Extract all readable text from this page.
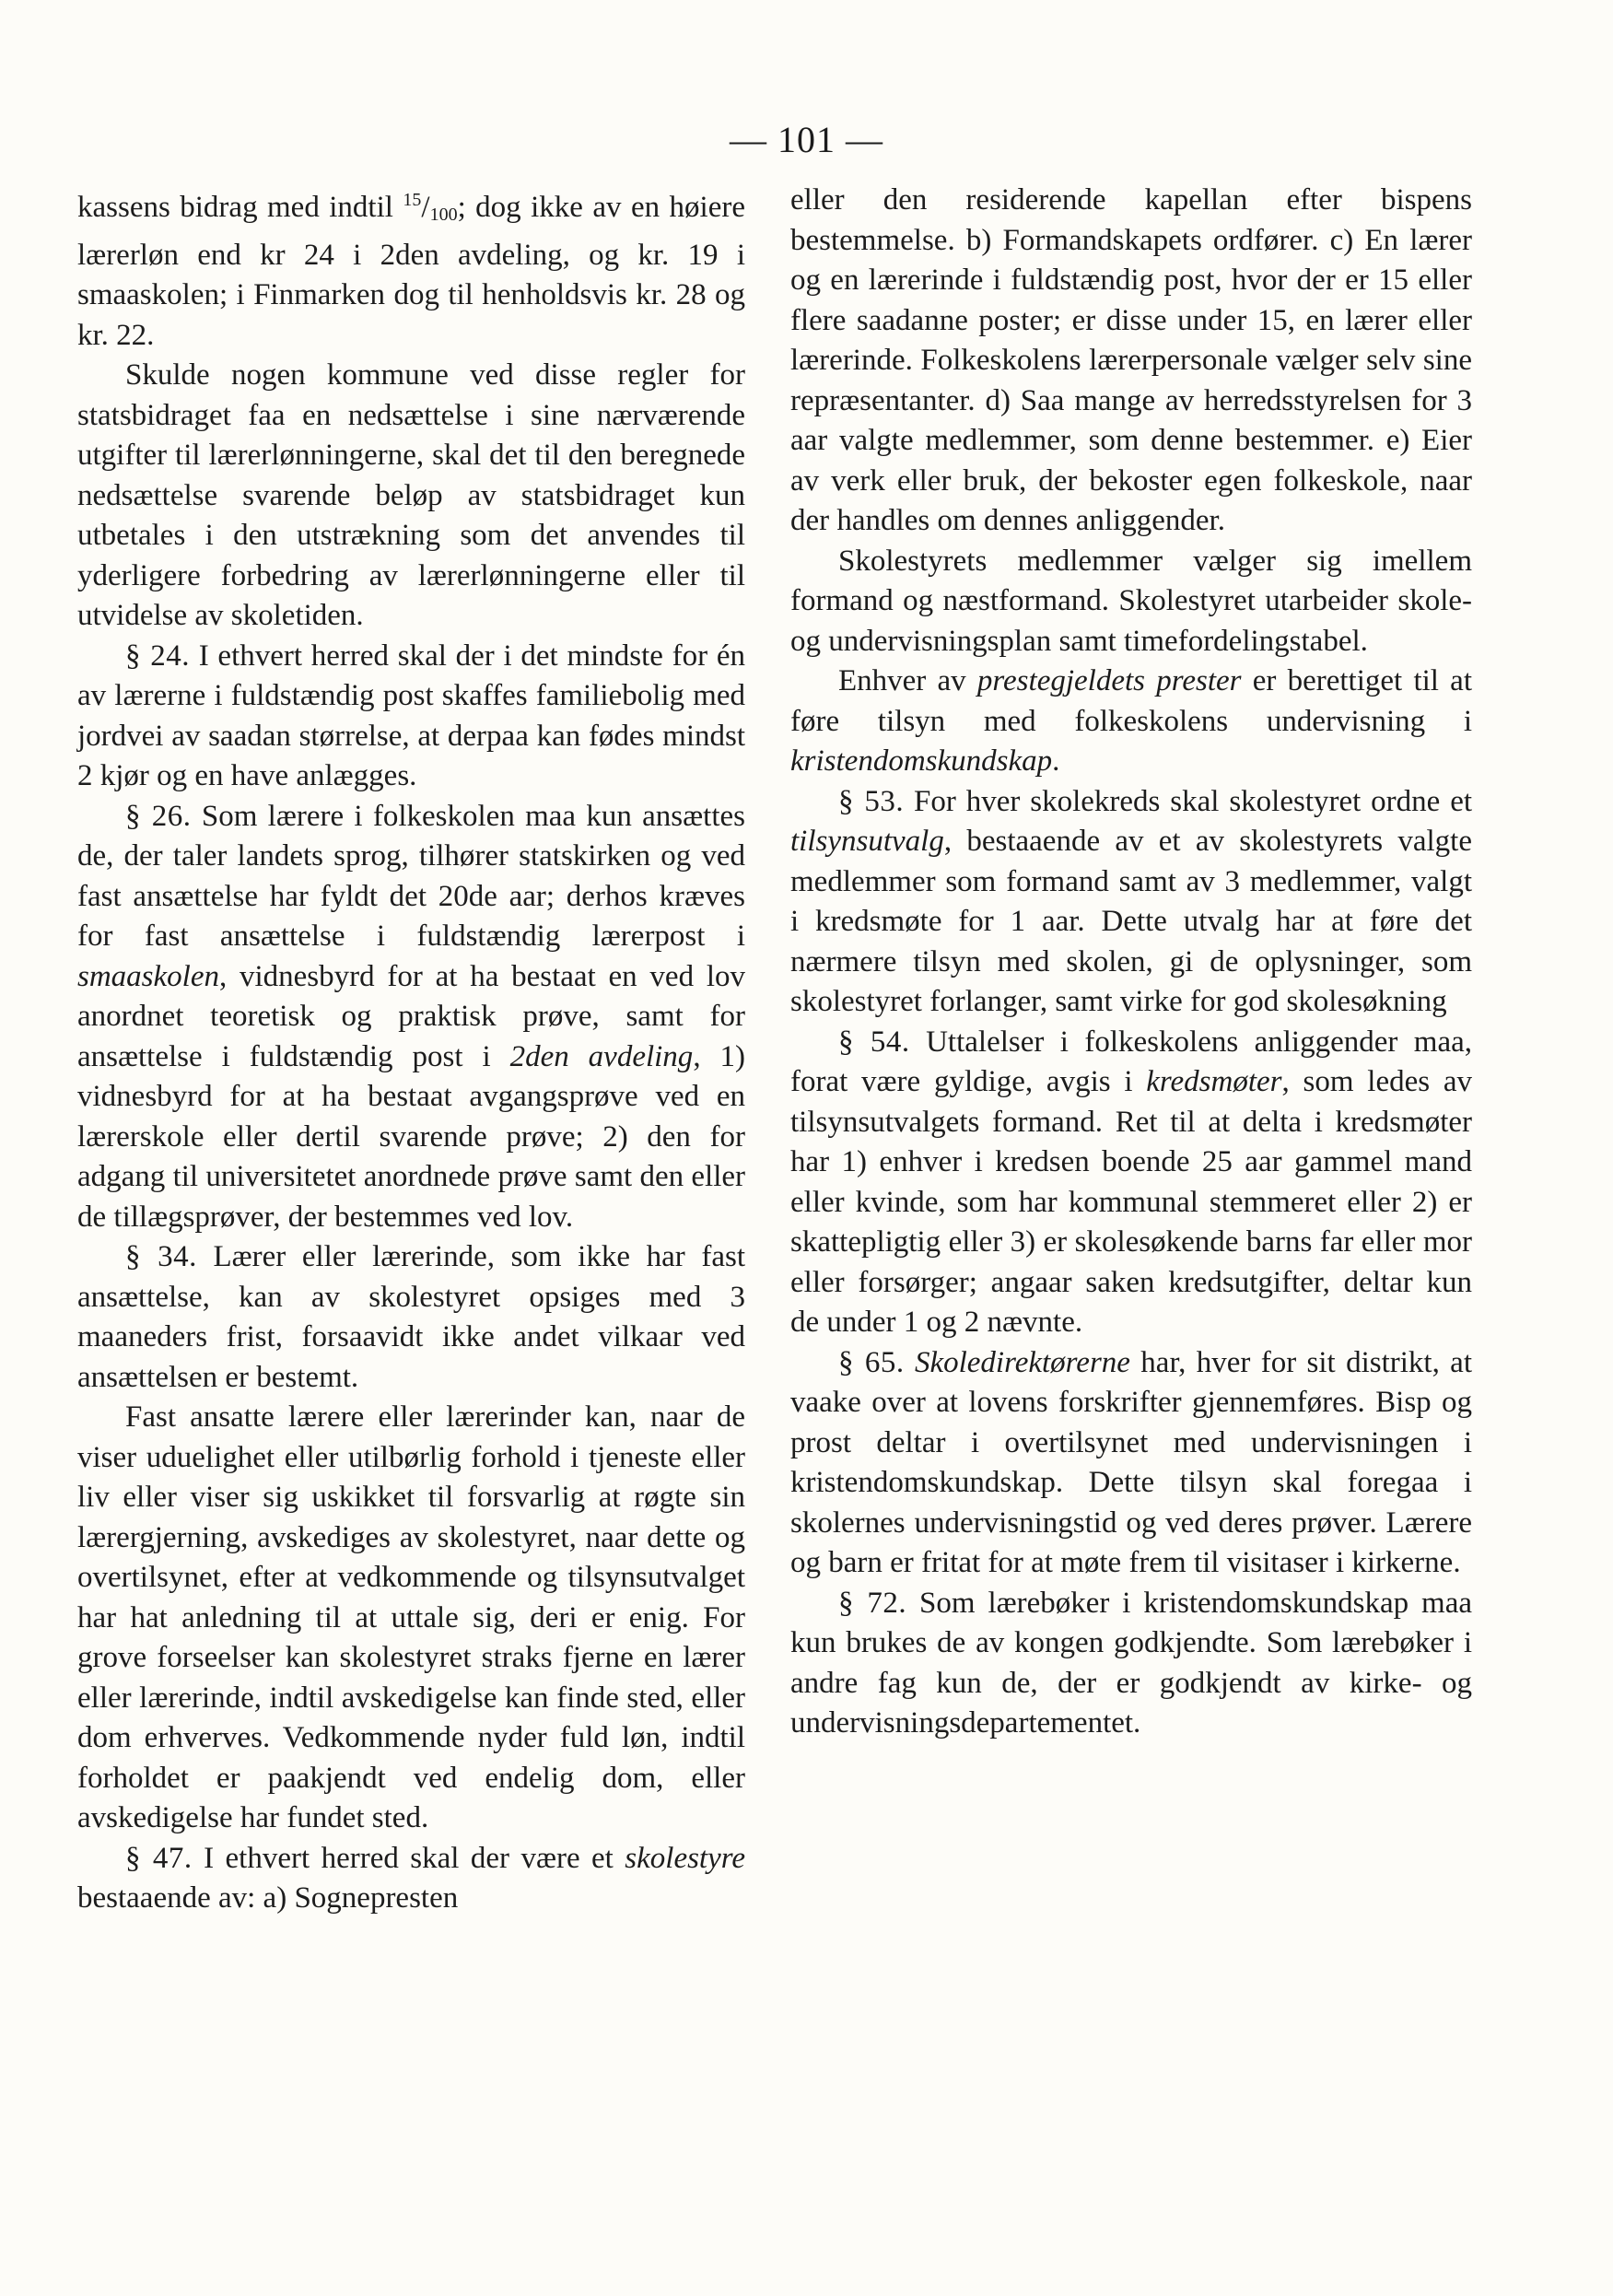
— 101 —

kassens bidrag med indtil $^{15}/_{100}$; dog ikke av en høiere lærerløn end kr 24 i 2den avdeling, og kr. 19 i smaaskolen; i Finmarken dog til henholdsvis kr. 28 og kr. 22.

Skulde nogen kommune ved disse regler for statsbidraget faa en nedsættelse i sine nærværende utgifter til lærerlønningerne, skal det til den beregnede nedsættelse svarende beløp av statsbidraget kun utbetales i den utstrækning som det anvendes til yderligere forbedring av lærerlønningerne eller til utvidelse av skoletiden.

§ 24. I ethvert herred skal der i det mindste for én av lærerne i fuldstændig post skaffes familiebolig med jordvei av saadan størrelse, at derpaa kan fødes mindst 2 kjør og en have anlægges.

§ 26. Som lærere i folkeskolen maa kun ansættes de, der taler landets sprog, tilhører statskirken og ved fast ansættelse har fyldt det 20de aar; derhos kræves for fast ansættelse i fuldstændig lærerpost i smaaskolen, vidnesbyrd for at ha bestaat en ved lov anordnet teoretisk og praktisk prøve, samt for ansættelse i fuldstændig post i 2den avdeling, 1) vidnesbyrd for at ha bestaat avgangsprøve ved en lærerskole eller dertil svarende prøve; 2) den for adgang til universitetet anordnede prøve samt den eller de tillægsprøver, der bestemmes ved lov.

§ 34. Lærer eller lærerinde, som ikke har fast ansættelse, kan av skolestyret opsiges med 3 maaneders frist, forsaavidt ikke andet vilkaar ved ansættelsen er bestemt.

Fast ansatte lærere eller lærerinder kan, naar de viser uduelighet eller utilbørlig forhold i tjeneste eller liv eller viser sig uskikket til forsvarlig at røgte sin lærergjerning, avskediges av skolestyret, naar dette og overtilsynet, efter at vedkommende og tilsynsutvalget har hat anledning til at uttale sig, deri er enig. For grove forseelser kan skolestyret straks fjerne en lærer eller lærerinde, indtil avskedigelse kan finde sted, eller dom erhverves. Vedkommende nyder fuld løn, indtil forholdet er paakjendt ved endelig dom, eller avskedigelse har fundet sted.

§ 47. I ethvert herred skal der være et skolestyre bestaaende av: a) Sognepresten

eller den residerende kapellan efter bispens bestemmelse. b) Formandskapets ordfører. c) En lærer og en lærerinde i fuldstændig post, hvor der er 15 eller flere saadanne poster; er disse under 15, en lærer eller lærerinde. Folkeskolens lærerpersonale vælger selv sine repræsentanter. d) Saa mange av herredsstyrelsen for 3 aar valgte medlemmer, som denne bestemmer. e) Eier av verk eller bruk, der bekoster egen folkeskole, naar der handles om dennes anliggender.

Skolestyrets medlemmer vælger sig imellem formand og næstformand. Skolestyret utarbeider skole- og undervisningsplan samt timefordelingstabel.

Enhver av prestegjeldets prester er berettiget til at føre tilsyn med folkeskolens undervisning i kristendomskundskap.

§ 53. For hver skolekreds skal skolestyret ordne et tilsynsutvalg, bestaaende av et av skolestyrets valgte medlemmer som formand samt av 3 medlemmer, valgt i kredsmøte for 1 aar. Dette utvalg har at føre det nærmere tilsyn med skolen, gi de oplysninger, som skolestyret forlanger, samt virke for god skolesøkning

§ 54. Uttalelser i folkeskolens anliggender maa, forat være gyldige, avgis i kredsmøter, som ledes av tilsynsutvalgets formand. Ret til at delta i kredsmøter har 1) enhver i kredsen boende 25 aar gammel mand eller kvinde, som har kommunal stemmeret eller 2) er skattepligtig eller 3) er skolesøkende barns far eller mor eller forsørger; angaar saken kredsutgifter, deltar kun de under 1 og 2 nævnte.

§ 65. Skoledirektørerne har, hver for sit distrikt, at vaake over at lovens forskrifter gjennemføres. Bisp og prost deltar i overtilsynet med undervisningen i kristendomskundskap. Dette tilsyn skal foregaa i skolernes undervisningstid og ved deres prøver. Lærere og barn er fritat for at møte frem til visitaser i kirkerne.

§ 72. Som lærebøker i kristendomskundskap maa kun brukes de av kongen godkjendte. Som lærebøker i andre fag kun de, der er godkjendt av kirke- og undervisningsdepartementet.
